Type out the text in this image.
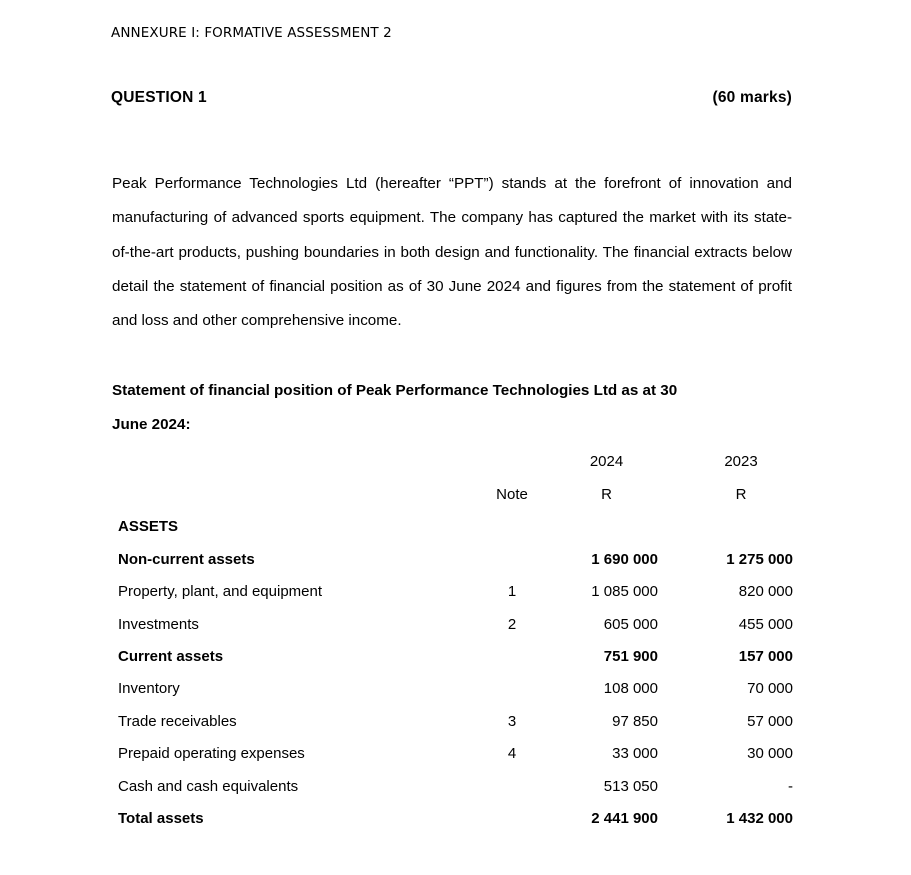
ANNEXURE I: FORMATIVE ASSESSMENT 2
QUESTION 1	(60 marks)

Peak Performance Technologies Ltd (hereafter “PPT”) stands at the forefront of innovation and manufacturing of advanced sports equipment. The company has captured the market with its state-of-the-art products, pushing boundaries in both design and functionality. The financial extracts below detail the statement of financial position as of 30 June 2024 and figures from the statement of profit and loss and other comprehensive income.

Statement of financial position of Peak Performance Technologies Ltd as at 30
June 2024:
			2024		2023
	Note		R		R
ASSETS					
Non-current assets			1 690 000		1 275 000
Property, plant, and equipment	1		1 085 000		820 000
Investments	2		605 000		455 000
Current assets			751 900		157 000
Inventory			108 000		70 000
Trade receivables	3		97 850		57 000
Prepaid operating expenses	4		33 000		30 000
Cash and cash equivalents			513 050		-
Total assets			2 441 900		1 432 000
